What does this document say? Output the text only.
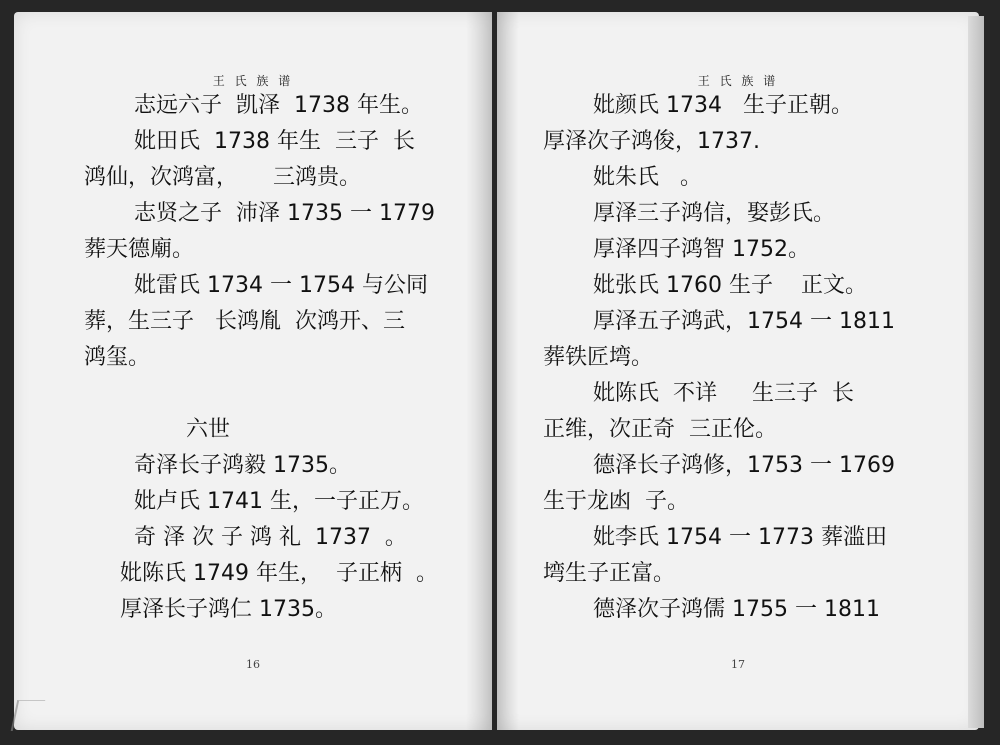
王 氏 族 谱
志远六子  凯泽  1738 年生。
妣田氏  1738 年生  三子  长
鸿仙，次鸿富，     三鸿贵。
志贤之子  沛泽 1735 一 1779
葬天德廟。
妣雷氏 1734 一 1754 与公同
葬，生三子   长鸿胤  次鸿开、三
鸿玺。
六世
奇泽长子鸿毅 1735。
妣卢氏 1741 生，一子正万。
奇 泽 次 子 鸿 礼  1737  。
妣陈氏 1749 年生，  子正柄  。
厚泽长子鸿仁 1735。
16
王 氏 族 谱
妣颜氏 1734   生子正朝。
厚泽次子鸿俊，1737.
妣朱氏   。
厚泽三子鸿信，娶彭氏。
厚泽四子鸿智 1752。
妣张氏 1760 生子    正文。
厚泽五子鸿武，1754 一 1811
葬铁匠塆。
妣陈氏  不详     生三子  长
正维，次正奇  三正伦。
德泽长子鸿修，1753 一 1769
生于龙凼  子。
妣李氏 1754 一 1773 葬滥田
塆生子正富。
德泽次子鸿儒 1755 一 1811
17
